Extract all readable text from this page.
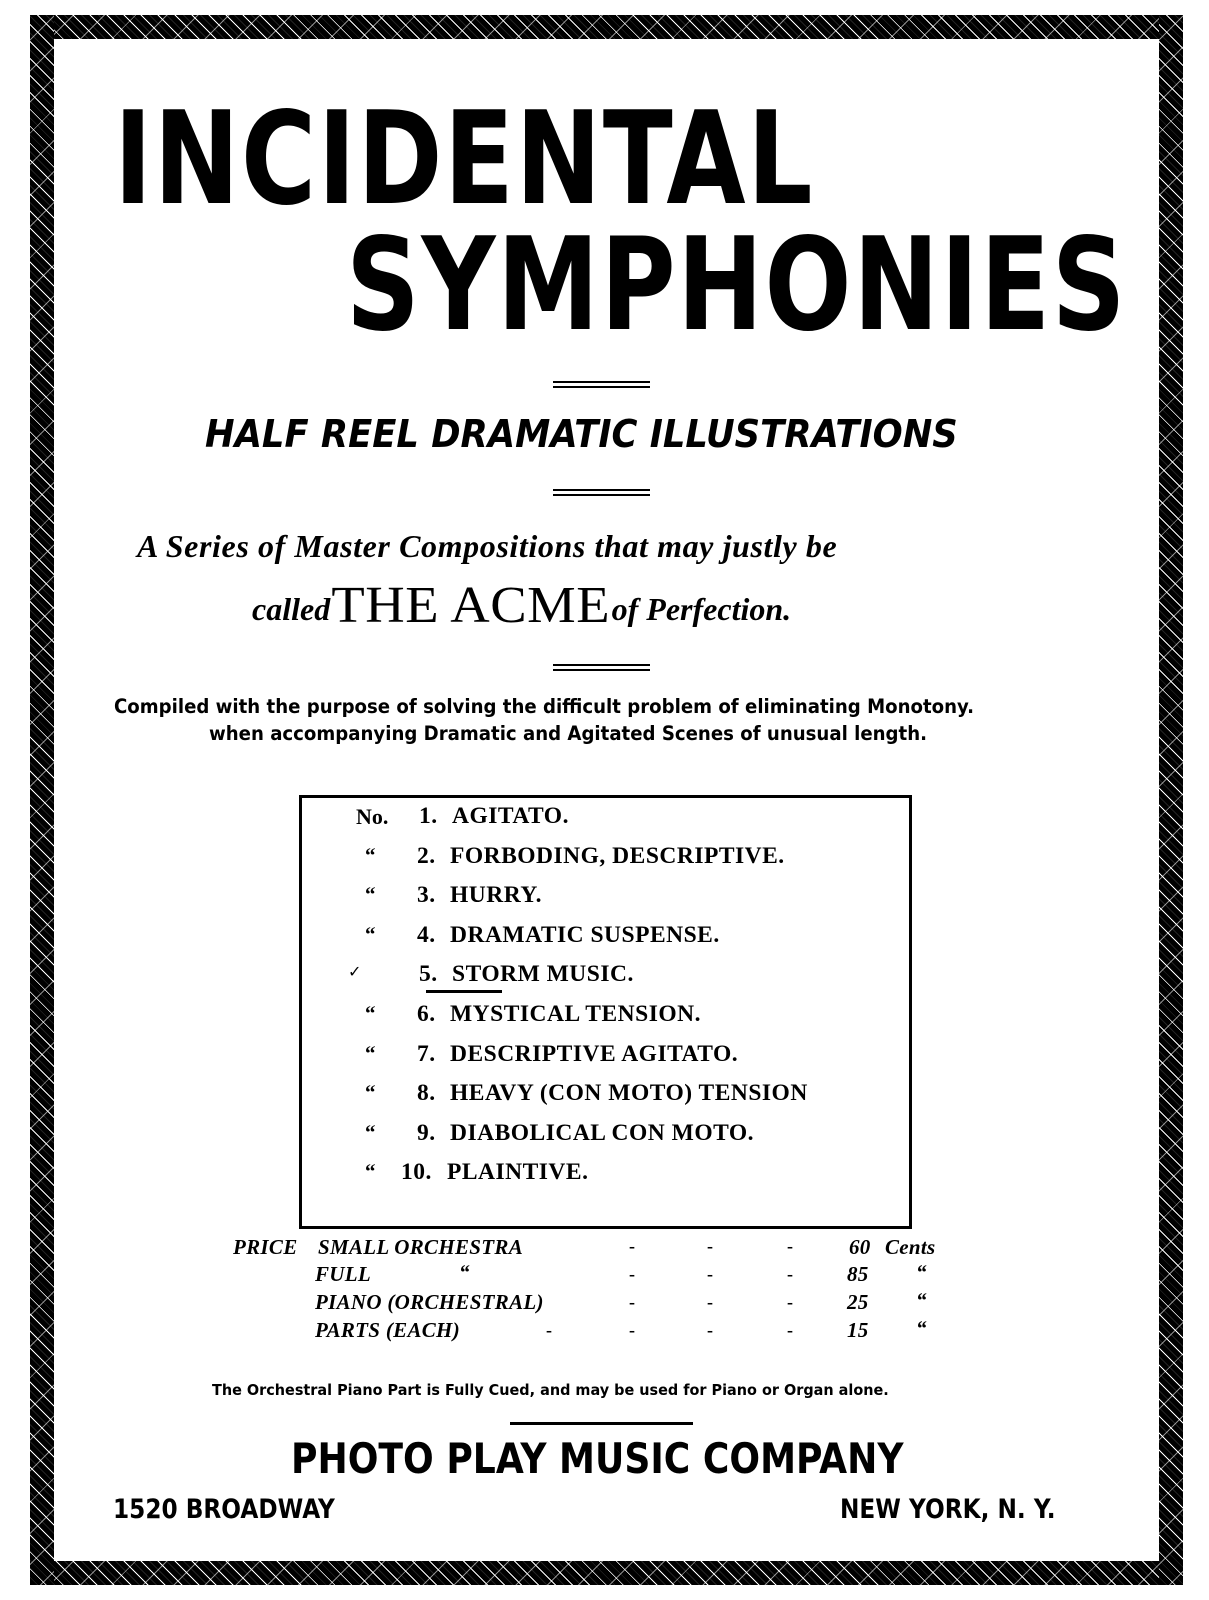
INCIDENTAL
SYMPHONIES
HALF REEL DRAMATIC ILLUSTRATIONS
A Series of Master Compositions that may justly be
called THE ACME of Perfection.
Compiled with the purpose of solving the difficult problem of eliminating Monotony.
when accompanying Dramatic and Agitated Scenes of unusual length.
No. 1. AGITATO.
“ 2. FORBODING, DESCRIPTIVE.
“ 3. HURRY.
“ 4. DRAMATIC SUSPENSE.
✓ 5. STORM MUSIC.
“ 6. MYSTICAL TENSION.
“ 7. DESCRIPTIVE AGITATO.
“ 8. HEAVY (CON MOTO) TENSION
“ 9. DIABOLICAL CON MOTO.
“ 10. PLAINTIVE.
PRICE SMALL ORCHESTRA	-	-	-	60 Cents
FULL	“	-	-	-	85 “
PIANO (ORCHESTRAL)	-	-	-	25 “
PARTS (EACH)	-	-	-	-	15 “
The Orchestral Piano Part is Fully Cued, and may be used for Piano or Organ alone.
PHOTO PLAY MUSIC COMPANY
1520 BROADWAY	NEW YORK, N. Y.
